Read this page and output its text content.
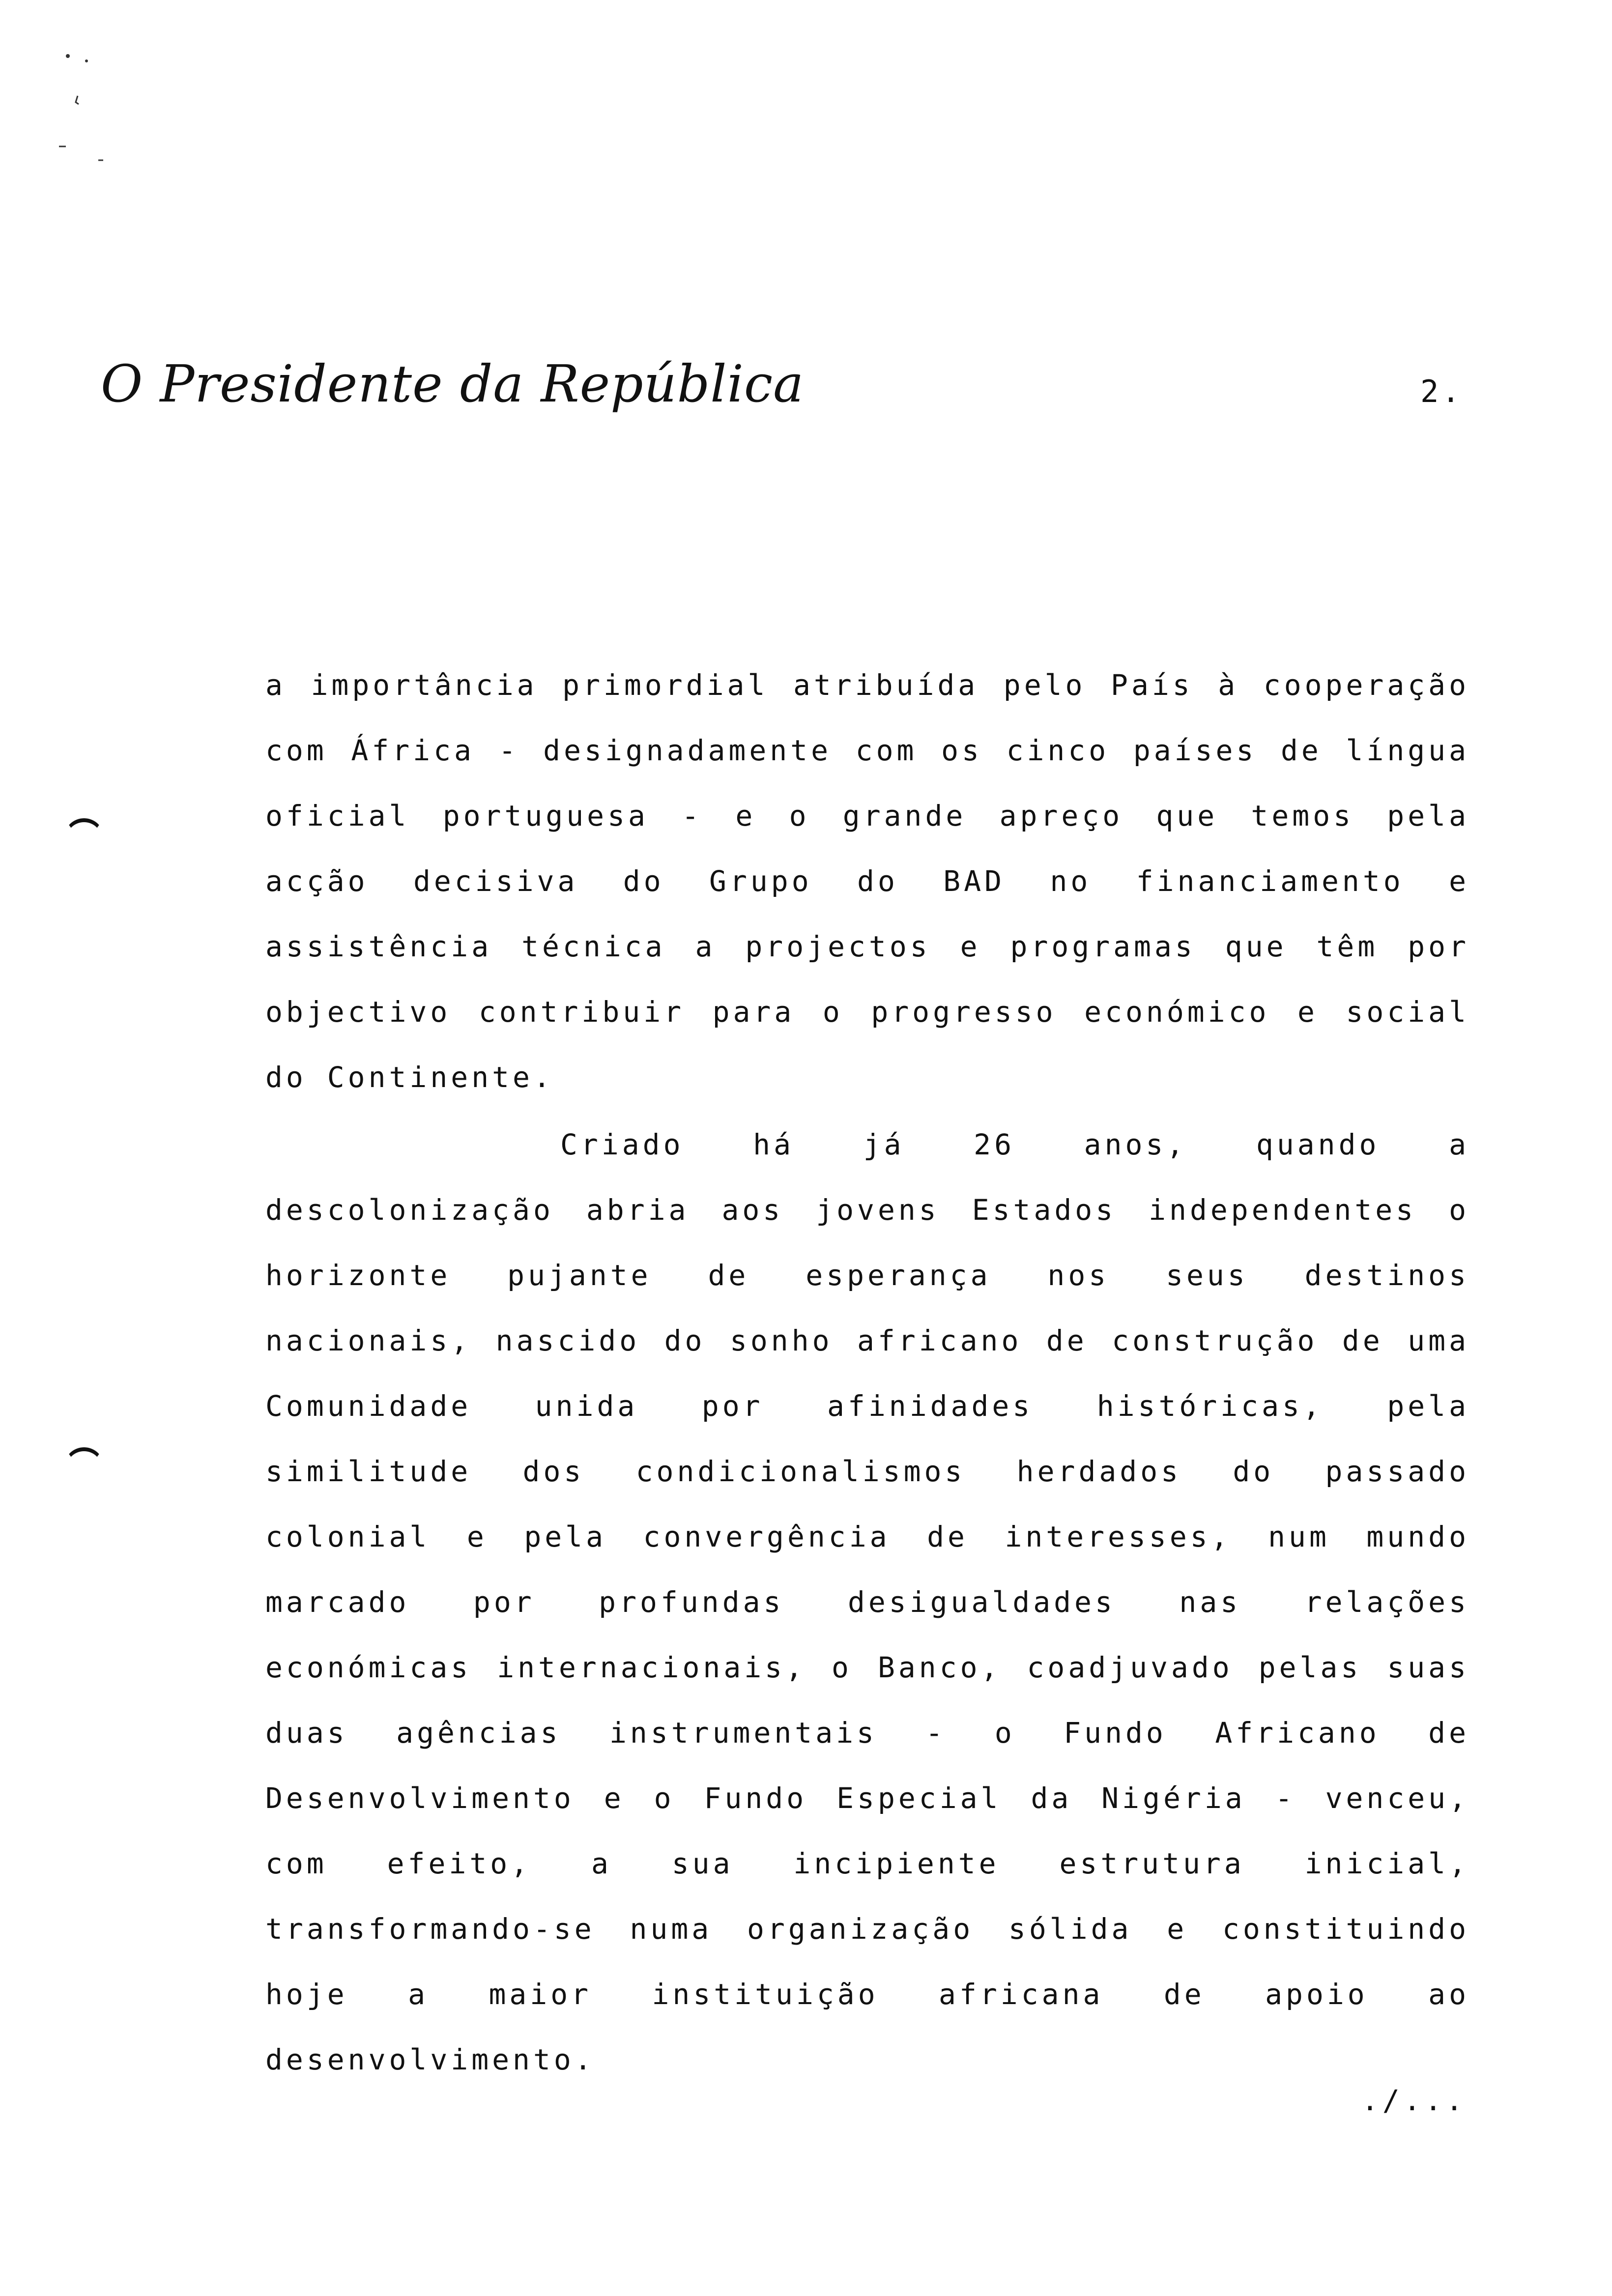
O Presidente da República	2.

a importância primordial atribuída pelo País à cooperação com África - designadamente com os cinco países de língua oficial portuguesa - e o grande apreço que temos pela acção decisiva do Grupo do BAD no financiamento e assistência técnica a projectos e programas que têm por objectivo contribuir para o progresso económico e social do Continente.

Criado há já 26 anos, quando a descolonização abria aos jovens Estados independentes o horizonte pujante de esperança nos seus destinos nacionais, nascido do sonho africano de construção de uma Comunidade unida por afinidades históricas, pela similitude dos condicionalismos herdados do passado colonial e pela convergência de interesses, num mundo marcado por profundas desigualdades nas relações económicas internacionais, o Banco, coadjuvado pelas suas duas agências instrumentais - o Fundo Africano de Desenvolvimento e o Fundo Especial da Nigéria - venceu, com efeito, a sua incipiente estrutura inicial, transformando-se numa organização sólida e constituindo hoje a maior instituição africana de apoio ao desenvolvimento.

./...
